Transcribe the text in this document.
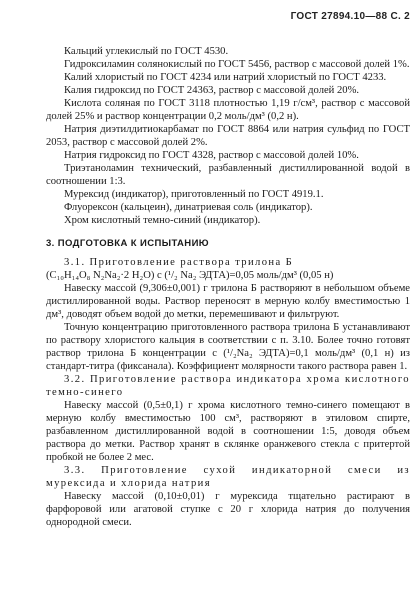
ГОСТ 27894.10—88 С. 2

Кальций углекислый по ГОСТ 4530.

Гидроксиламин солянокислый по ГОСТ 5456, раствор с массовой долей 1%.

Калий хлористый по ГОСТ 4234 или натрий хлористый по ГОСТ 4233.

Калия гидроксид по ГОСТ 24363, раствор с массовой долей 20%.

Кислота соляная по ГОСТ 3118 плотностью 1,19 г/см³, раствор с массовой долей 25% и раствор концентрации 0,2 моль/дм³ (0,2 н).

Натрия диэтилдитиокарбамат по ГОСТ 8864 или натрия сульфид по ГОСТ 2053, раствор с массовой долей 2%.

Натрия гидроксид по ГОСТ 4328, раствор с массовой долей 10%.

Триэтаноламин технический, разбавленный дистиллированной водой в соотношении 1:3.

Мурексид (индикатор), приготовленный по ГОСТ 4919.1.

Флуорексон (кальцеин), динатриевая соль (индикатор).

Хром кислотный темно-синий (индикатор).

3. ПОДГОТОВКА К ИСПЫТАНИЮ

3.1. Приготовление раствора трилона Б

(C₁₀H₁₄O₈ N₂Na₂·2 H₂O) c (¹/₂ Na₂ ЭДТА)=0,05 моль/дм³ (0,05 н)

Навеску массой (9,306±0,001) г трилона Б растворяют в небольшом объеме дистиллированной воды. Раствор переносят в мерную колбу вместимостью 1 дм³, доводят объем водой до метки, перемешивают и фильтруют.

Точную концентрацию приготовленного раствора трилона Б устанавливают по раствору хлористого кальция в соответствии с п. 3.10. Более точно готовят раствор трилона Б концентрации c (¹/₂Na₂ ЭДТА)=0,1 моль/дм³ (0,1 н) из стандарт-титра (фиксанала). Коэффициент молярности такого раствора равен 1.

3.2. Приготовление раствора индикатора хрома кислотного темно-синего

Навеску массой (0,5±0,1) г хрома кислотного темно-синего помещают в мерную колбу вместимостью 100 см³, растворяют в этиловом спирте, разбавленном дистиллированной водой в соотношении 1:5, доводя объем раствора до метки. Раствор хранят в склянке оранжевого стекла с притертой пробкой не более 2 мес.

3.3. Приготовление сухой индикаторной смеси из мурексида и хлорида натрия

Навеску массой (0,10±0,01) г мурексида тщательно растирают в фарфоровой или агатовой ступке с 20 г хлорида натрия до получения однородной смеси.
